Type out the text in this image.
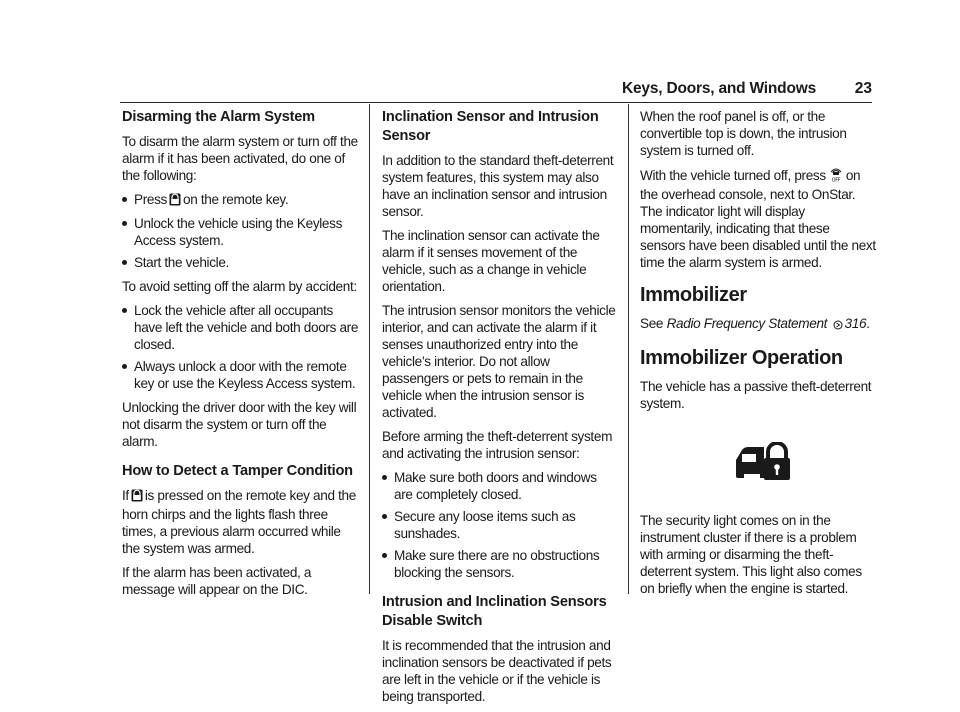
Keys, Doors, and Windows	23
Disarming the Alarm System

To disarm the alarm system or turn off the alarm if it has been activated, do one of the following:

Press on the remote key.
Unlock the vehicle using the Keyless Access system.
Start the vehicle.

To avoid setting off the alarm by accident:

Lock the vehicle after all occupants have left the vehicle and both doors are closed.
Always unlock a door with the remote key or use the Keyless Access system.

Unlocking the driver door with the key will not disarm the system or turn off the alarm.

How to Detect a Tamper Condition

If is pressed on the remote key and the horn chirps and the lights flash three times, a previous alarm occurred while the system was armed.

If the alarm has been activated, a message will appear on the DIC.

Inclination Sensor and Intrusion Sensor

In addition to the standard theft-deterrent system features, this system may also have an inclination sensor and intrusion sensor.

The inclination sensor can activate the alarm if it senses movement of the vehicle, such as a change in vehicle orientation.

The intrusion sensor monitors the vehicle interior, and can activate the alarm if it senses unauthorized entry into the vehicle’s interior. Do not allow passengers or pets to remain in the vehicle when the intrusion sensor is activated.

Before arming the theft-deterrent system and activating the intrusion sensor:

Make sure both doors and windows are completely closed.
Secure any loose items such as sunshades.
Make sure there are no obstructions blocking the sensors.
Intrusion and Inclination Sensors Disable Switch

It is recommended that the intrusion and inclination sensors be deactivated if pets are left in the vehicle or if the vehicle is being transported.

When the roof panel is off, or the convertible top is down, the intrusion system is turned off.

With the vehicle turned off, press OFF on the overhead console, next to OnStar. The indicator light will display momentarily, indicating that these sensors have been disabled until the next time the alarm system is armed.

Immobilizer

See Radio Frequency Statement 316.

Immobilizer Operation

The vehicle has a passive theft-deterrent system.

The security light comes on in the instrument cluster if there is a problem with arming or disarming the theft-deterrent system. This light also comes on briefly when the engine is started.
